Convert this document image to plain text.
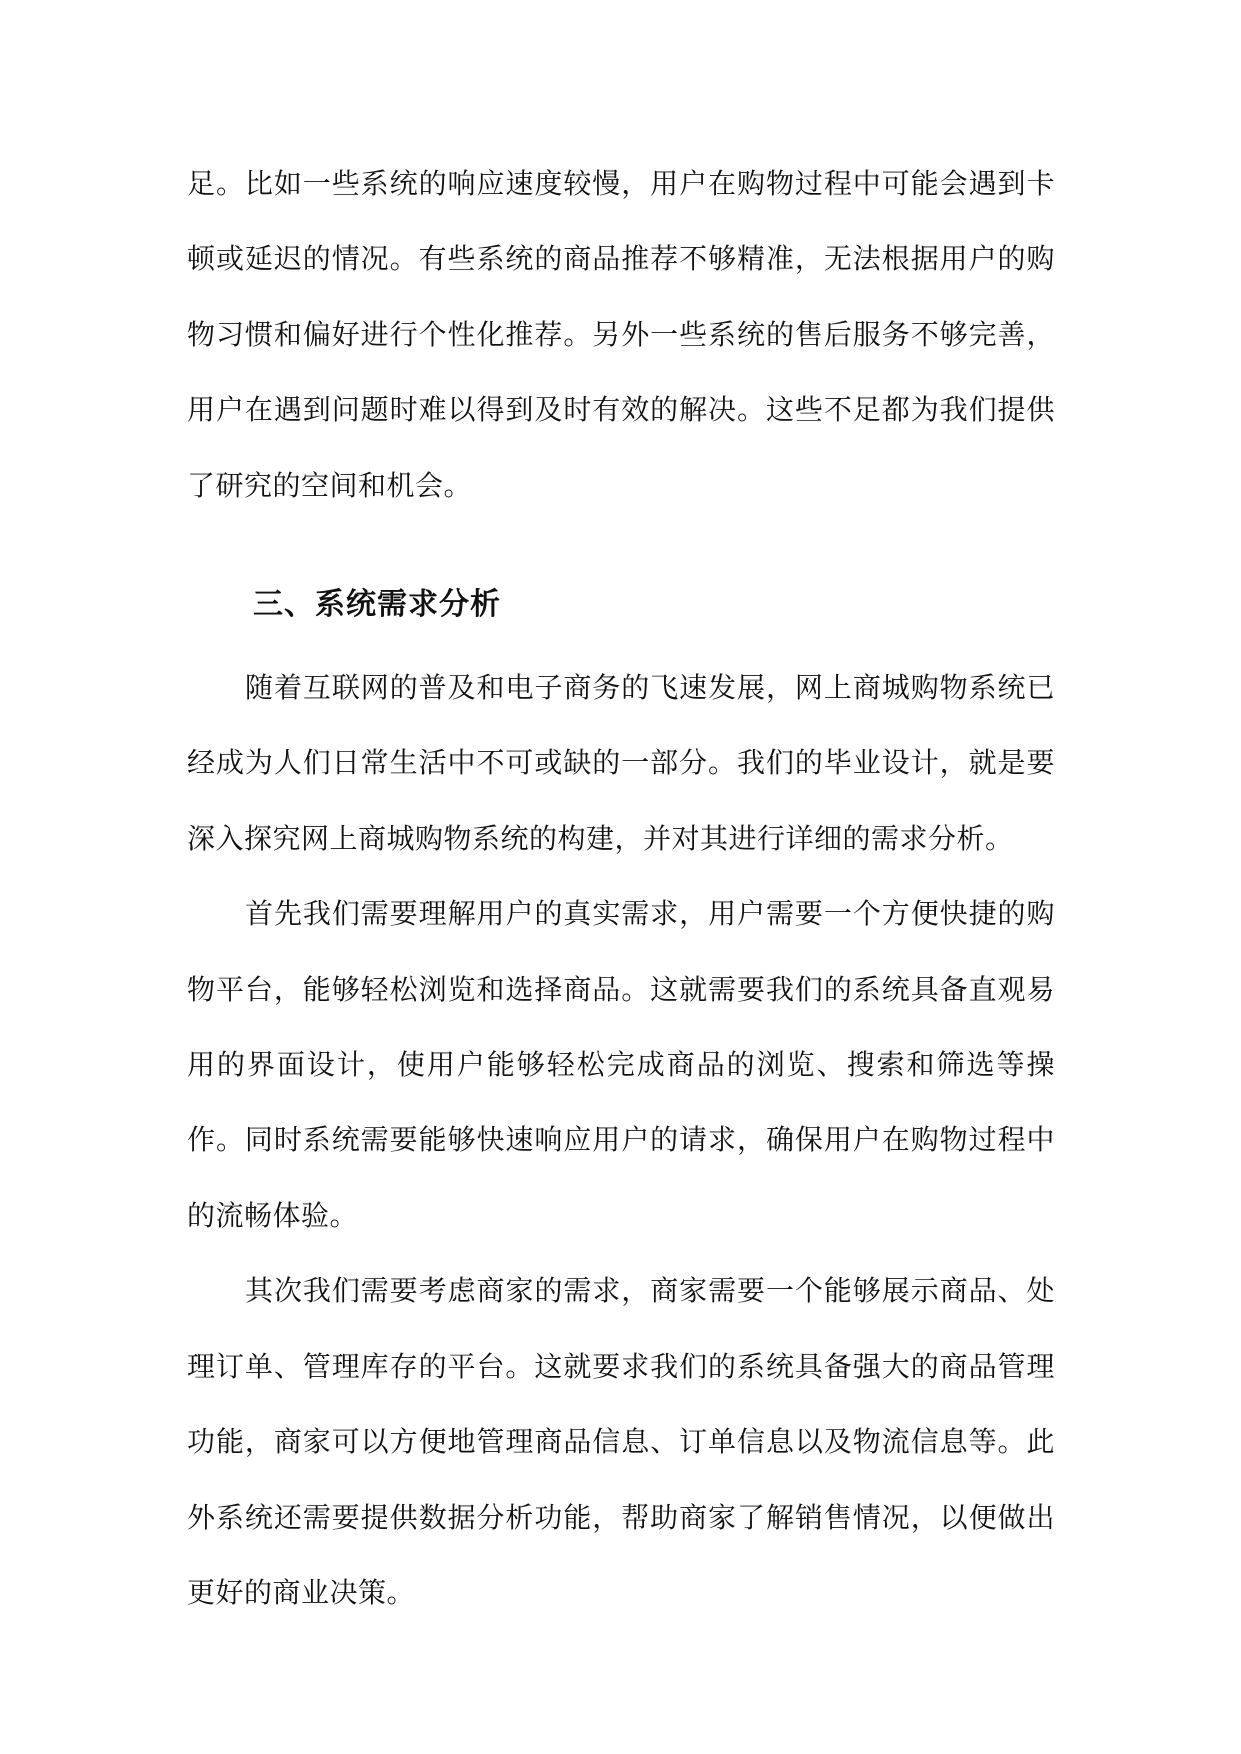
足。比如一些系统的响应速度较慢，用户在购物过程中可能会遇到卡顿或延迟的情况。有些系统的商品推荐不够精准，无法根据用户的购物习惯和偏好进行个性化推荐。另外一些系统的售后服务不够完善，用户在遇到问题时难以得到及时有效的解决。这些不足都为我们提供了研究的空间和机会。

三、系统需求分析

随着互联网的普及和电子商务的飞速发展，网上商城购物系统已经成为人们日常生活中不可或缺的一部分。我们的毕业设计，就是要深入探究网上商城购物系统的构建，并对其进行详细的需求分析。

首先我们需要理解用户的真实需求，用户需要一个方便快捷的购物平台，能够轻松浏览和选择商品。这就需要我们的系统具备直观易用的界面设计，使用户能够轻松完成商品的浏览、搜索和筛选等操作。同时系统需要能够快速响应用户的请求，确保用户在购物过程中的流畅体验。

其次我们需要考虑商家的需求，商家需要一个能够展示商品、处理订单、管理库存的平台。这就要求我们的系统具备强大的商品管理功能，商家可以方便地管理商品信息、订单信息以及物流信息等。此外系统还需要提供数据分析功能，帮助商家了解销售情况，以便做出更好的商业决策。
